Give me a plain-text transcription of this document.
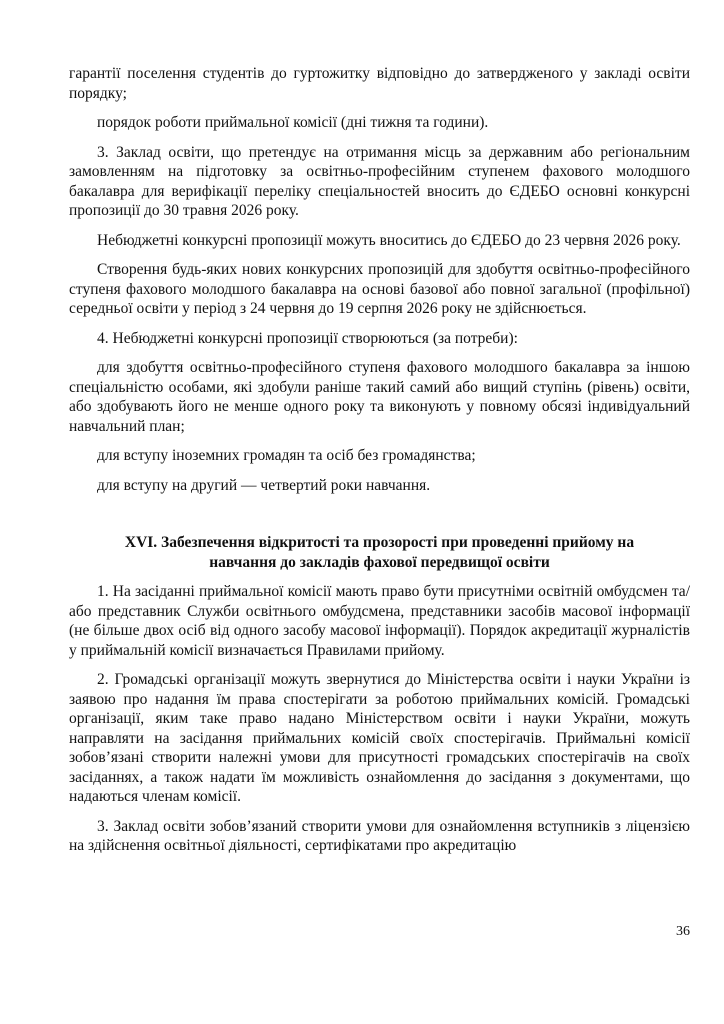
гарантії поселення студентів до гуртожитку відповідно до затвердженого у закладі освіти порядку;

порядок роботи приймальної комісії (дні тижня та години).

3. Заклад освіти, що претендує на отримання місць за державним або регіональним замовленням на підготовку за освітньо-професійним ступенем фахового молодшого бакалавра для верифікації переліку спеціальностей вносить до ЄДЕБО основні конкурсні пропозиції до 30 травня 2026 року.

Небюджетні конкурсні пропозиції можуть вноситись до ЄДЕБО до 23 червня 2026 року.

Створення будь-яких нових конкурсних пропозицій для здобуття освітньо-професійного ступеня фахового молодшого бакалавра на основі базової або повної загальної (профільної) середньої освіти у період з 24 червня до 19 серпня 2026 року не здійснюється.

4. Небюджетні конкурсні пропозиції створюються (за потреби):

для здобуття освітньо-професійного ступеня фахового молодшого бакалавра за іншою спеціальністю особами, які здобули раніше такий самий або вищий ступінь (рівень) освіти, або здобувають його не менше одного року та виконують у повному обсязі індивідуальний навчальний план;

для вступу іноземних громадян та осіб без громадянства;

для вступу на другий — четвертий роки навчання.

XVI. Забезпечення відкритості та прозорості при проведенні прийому на
навчання до закладів фахової передвищої освіти

1. На засіданні приймальної комісії мають право бути присутніми освітній омбудсмен та/або представник Служби освітнього омбудсмена, представники засобів масової інформації (не більше двох осіб від одного засобу масової інформації). Порядок акредитації журналістів у приймальній комісії визначається Правилами прийому.

2. Громадські організації можуть звернутися до Міністерства освіти і науки України із заявою про надання їм права спостерігати за роботою приймальних комісій. Громадські організації, яким таке право надано Міністерством освіти і науки України, можуть направляти на засідання приймальних комісій своїх спостерігачів. Приймальні комісії зобов’язані створити належні умови для присутності громадських спостерігачів на своїх засіданнях, а також надати їм можливість ознайомлення до засідання з документами, що надаються членам комісії.

3. Заклад освіти зобов’язаний створити умови для ознайомлення вступників з ліцензією на здійснення освітньої діяльності, сертифікатами про акредитацію

36
